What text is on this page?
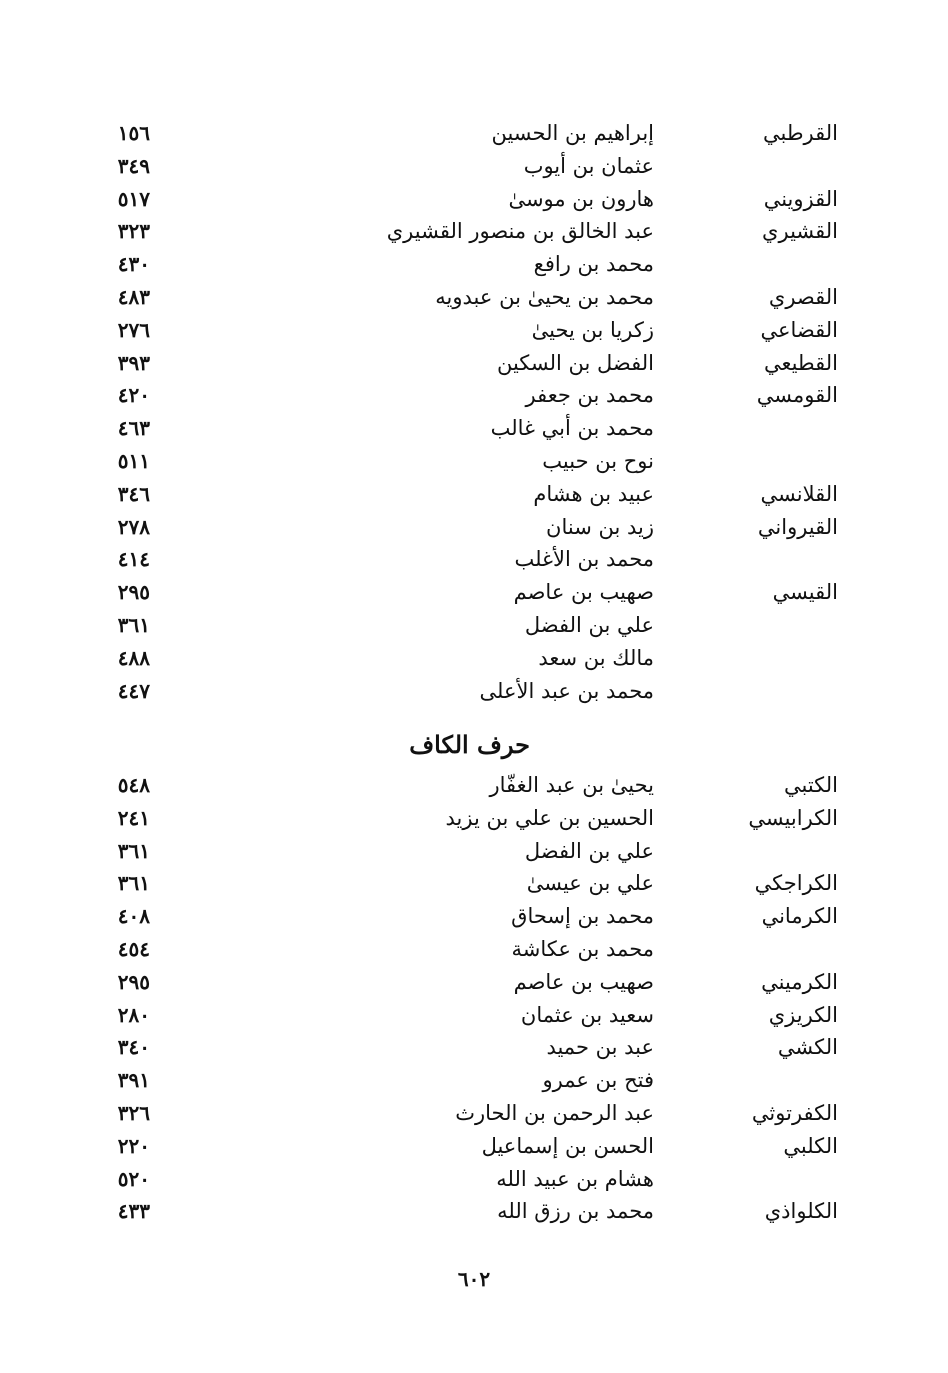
القرطبي
إبراهيم بن الحسين
١٥٦
عثمان بن أيوب
٣٤٩
القزويني
هارون بن موسىٰ
٥١٧
القشيري
عبد الخالق بن منصور القشيري
٣٢٣
محمد بن رافع
٤٣٠
القصري
محمد بن يحيىٰ بن عبدويه
٤٨٣
القضاعي
زكريا بن يحيىٰ
٢٧٦
القطيعي
الفضل بن السكين
٣٩٣
القومسي
محمد بن جعفر
٤٢٠
محمد بن أبي غالب
٤٦٣
نوح بن حبيب
٥١١
القلانسي
عبيد بن هشام
٣٤٦
القيرواني
زيد بن سنان
٢٧٨
محمد بن الأغلب
٤١٤
القيسي
صهيب بن عاصم
٢٩٥
علي بن الفضل
٣٦١
مالك بن سعد
٤٨٨
محمد بن عبد الأعلى
٤٤٧
حرف الكاف
الكتبي
يحيىٰ بن عبد الغفّار
٥٤٨
الكرابيسي
الحسين بن علي بن يزيد
٢٤١
علي بن الفضل
٣٦١
الكراجكي
علي بن عيسىٰ
٣٦١
الكرماني
محمد بن إسحاق
٤٠٨
محمد بن عكاشة
٤٥٤
الكرميني
صهيب بن عاصم
٢٩٥
الكريزي
سعيد بن عثمان
٢٨٠
الكشي
عبد بن حميد
٣٤٠
فتح بن عمرو
٣٩١
الكفرتوثي
عبد الرحمن بن الحارث
٣٢٦
الكلبي
الحسن بن إسماعيل
٢٢٠
هشام بن عبيد الله
٥٢٠
الكلواذي
محمد بن رزق الله
٤٣٣
٦٠٢
